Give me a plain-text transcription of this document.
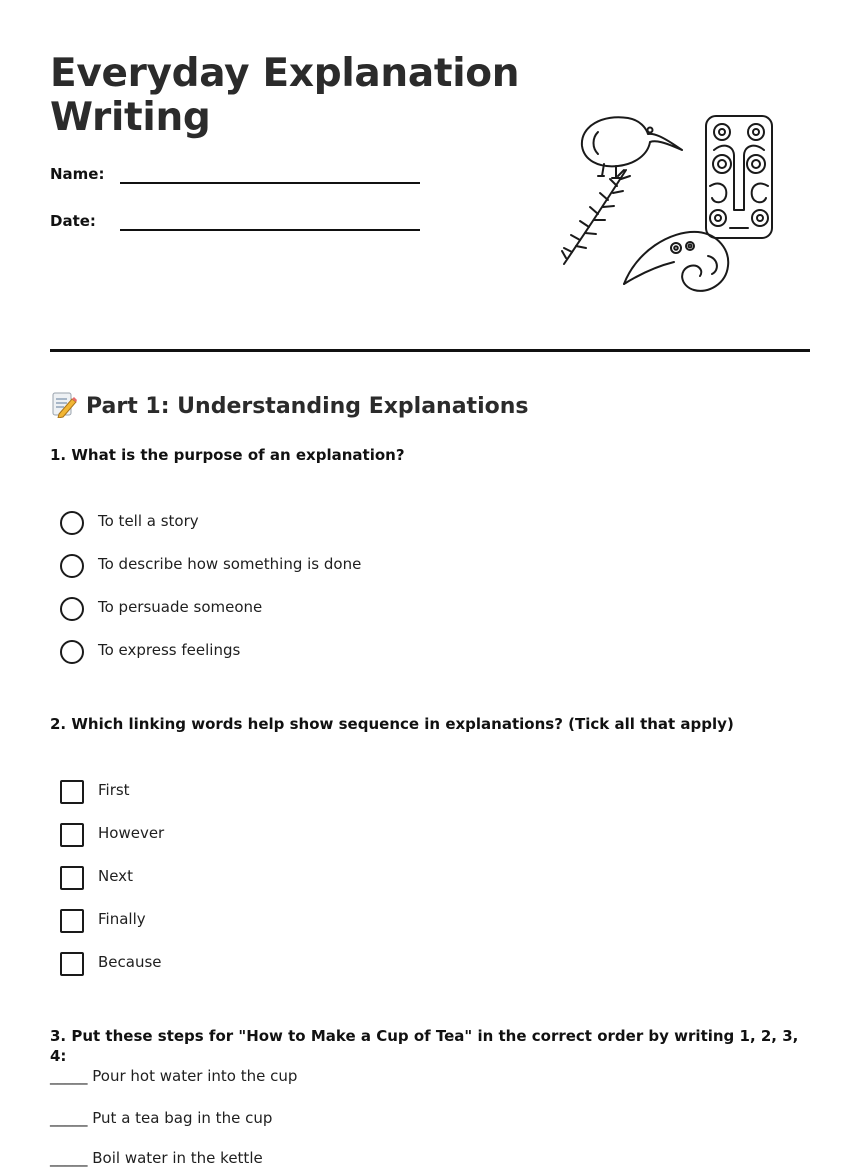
Everyday Explanation
Writing
Name:
Date:
Part 1: Understanding Explanations

1. What is the purpose of an explanation?

To tell a story
To describe how something is done
To persuade someone
To express feelings

2. Which linking words help show sequence in explanations? (Tick all that apply)

First
However
Next
Finally
Because

3. Put these steps for "How to Make a Cup of Tea" in the correct order by writing 1, 2, 3, 4:

_____ Pour hot water into the cup
_____ Put a tea bag in the cup
_____ Boil water in the kettle
